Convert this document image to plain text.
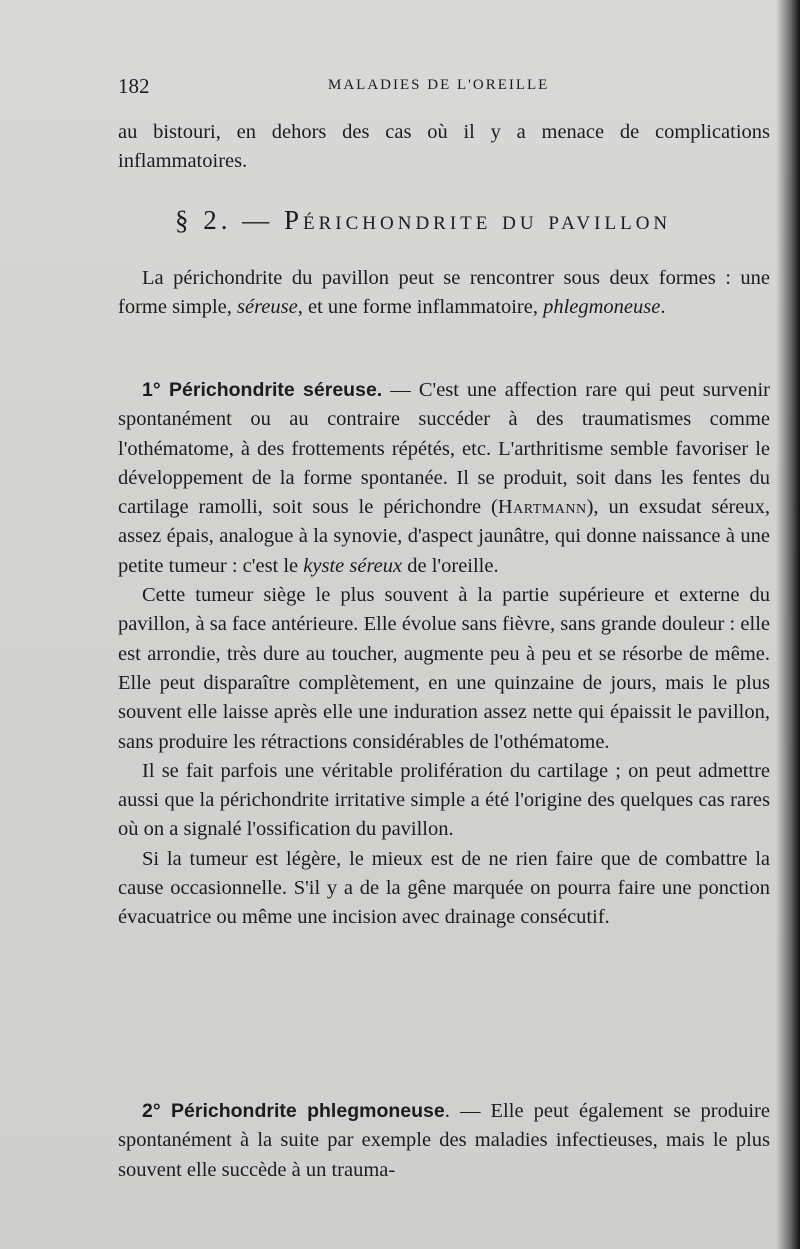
182	MALADIES DE L'OREILLE

au bistouri, en dehors des cas où il y a menace de complications inflammatoires.

§ 2. — Périchondrite du pavillon

La périchondrite du pavillon peut se rencontrer sous deux formes : une forme simple, séreuse, et une forme inflammatoire, phlegmoneuse.

1° Périchondrite séreuse. — C'est une affection rare qui peut survenir spontanément ou au contraire succéder à des traumatismes comme l'othématome, à des frottements répétés, etc. L'arthritisme semble favoriser le développement de la forme spontanée. Il se produit, soit dans les fentes du cartilage ramolli, soit sous le périchondre (Hartmann), un exsudat séreux, assez épais, analogue à la synovie, d'aspect jaunâtre, qui donne naissance à une petite tumeur : c'est le kyste séreux de l'oreille.

Cette tumeur siège le plus souvent à la partie supérieure et externe du pavillon, à sa face antérieure. Elle évolue sans fièvre, sans grande douleur : elle est arrondie, très dure au toucher, augmente peu à peu et se résorbe de même. Elle peut disparaître complètement, en une quinzaine de jours, mais le plus souvent elle laisse après elle une induration assez nette qui épaissit le pavillon, sans produire les rétractions considérables de l'othématome.

Il se fait parfois une véritable prolifération du cartilage ; on peut admettre aussi que la périchondrite irritative simple a été l'origine des quelques cas rares où on a signalé l'ossification du pavillon.

Si la tumeur est légère, le mieux est de ne rien faire que de combattre la cause occasionnelle. S'il y a de la gêne marquée on pourra faire une ponction évacuatrice ou même une incision avec drainage consécutif.

2° Périchondrite phlegmoneuse. — Elle peut également se produire spontanément à la suite par exemple des maladies infectieuses, mais le plus souvent elle succède à un trauma-
